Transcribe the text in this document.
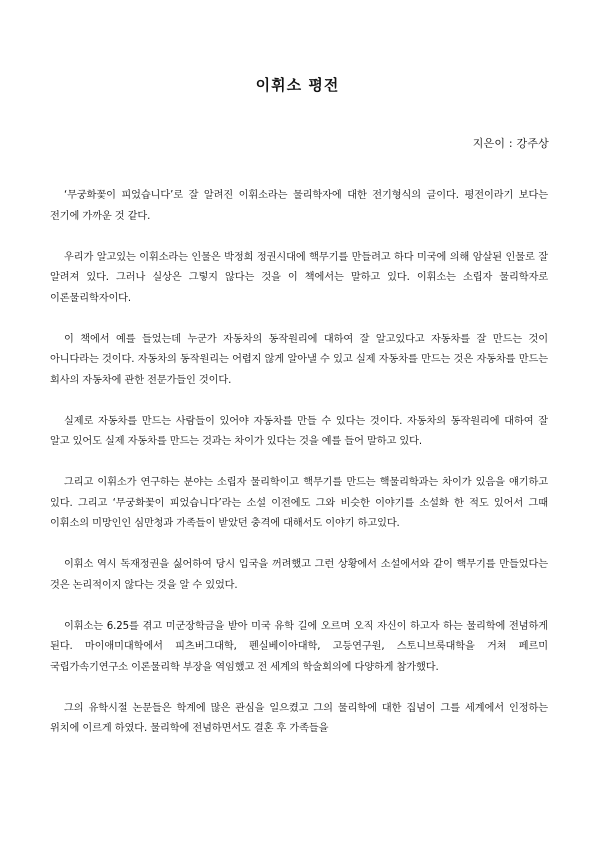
이휘소 평전
지은이 : 강주상

‘무궁화꽃이 피었습니다’로 잘 알려진 이휘소라는 물리학자에 대한 전기형식의 글이다. 평전이라기 보다는 전기에 가까운 것 같다.

우리가 알고있는 이휘소라는 인물은 박정희 정권시대에 핵무기를 만들려고 하다 미국에 의해 암살된 인물로 잘 알려져 있다. 그러나 실상은 그렇지 않다는 것을 이 책에서는 말하고 있다. 이휘소는 소립자 물리학자로 이론물리학자이다.

이 책에서 예를 들었는데 누군가 자동차의 동작원리에 대하여 잘 알고있다고 자동차를 잘 만드는 것이 아니다라는 것이다. 자동차의 동작원리는 어렵지 않게 알아낼 수 있고 실제 자동차를 만드는 것은 자동차를 만드는 회사의 자동차에 관한 전문가들인 것이다.

실제로 자동차를 만드는 사람들이 있어야 자동차를 만들 수 있다는 것이다. 자동차의 동작원리에 대하여 잘 알고 있어도 실제 자동차를 만드는 것과는 차이가 있다는 것을 예를 들어 말하고 있다.

그리고 이휘소가 연구하는 분야는 소립자 물리학이고 핵무기를 만드는 핵물리학과는 차이가 있음을 얘기하고 있다. 그리고 ‘무궁화꽃이 피었습니다’라는 소설 이전에도 그와 비슷한 이야기를 소설화 한 적도 있어서 그때 이휘소의 미망인인 심만청과 가족들이 받았던 충격에 대해서도 이야기 하고있다.

이휘소 역시 독재정권을 싫어하여 당시 입국을 꺼려했고 그런 상황에서 소설에서와 같이 핵무기를 만들었다는 것은 논리적이지 않다는 것을 알 수 있었다.

이휘소는 6.25를 겪고 미군장학금을 받아 미국 유학 길에 오르며 오직 자신이 하고자 하는 물리학에 전념하게 된다. 마이애미대학에서 피츠버그대학, 펜실베이아대학, 고등연구원, 스토니브룩대학을 거쳐 페르미 국립가속기연구소 이론물리학 부장을 역임했고 전 세계의 학술회의에 다양하게 참가했다.

그의 유학시절 논문들은 학계에 많은 관심을 일으켰고 그의 물리학에 대한 집념이 그를 세계에서 인정하는 위치에 이르게 하였다. 물리학에 전념하면서도 결혼 후 가족들을
